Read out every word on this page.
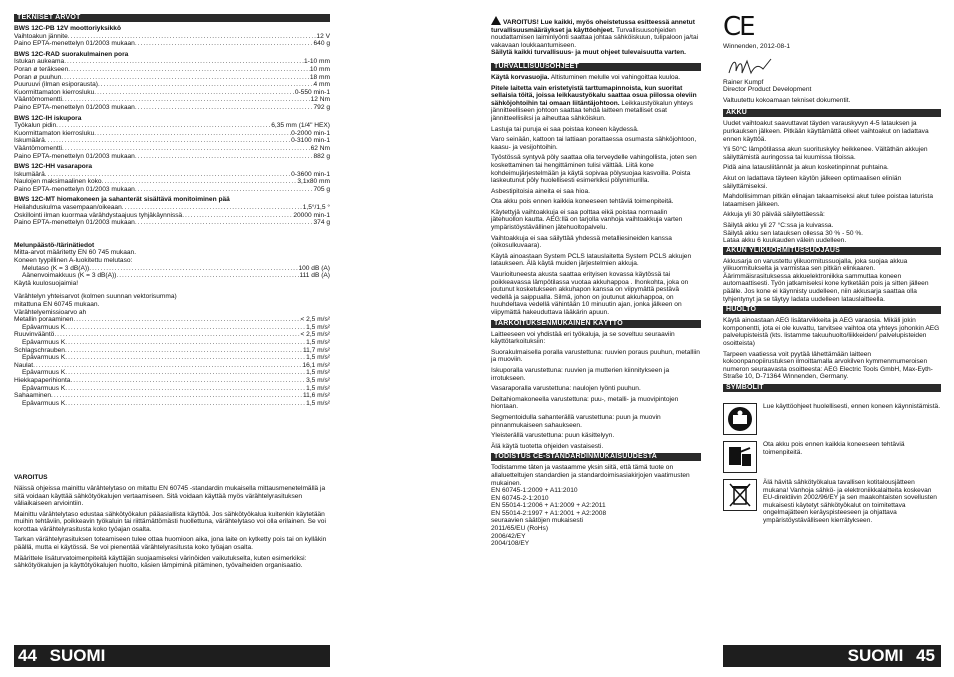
TEKNISET ARVOT
BWS 12C-PB 12V moottoriyksikkö
Vaihtoakun jännite .....	12 V
Paino EPTA-menettelyn 01/2003 mukaan .....	640 g
BWS 12C-RAD suorakulmainen pora
Istukan aukeama .....	1-10 mm
Poran ø teräkseen .....	10 mm
Poran ø puuhun .....	18 mm
Puuruuvi (ilman esiporausta) .....	4 mm
Kuormittamaton kierrosluku .....	0-550 min-1
Vääntömomentti .....	12 Nm
Paino EPTA-menettelyn 01/2003 mukaan .....	792 g
BWS 12C-IH iskupora
Työkalun pidin .....	6,35 mm (1/4" HEX)
Kuormittamaton kierrosluku .....	0-2000 min-1
Iskumäärä .....	0-3100 min-1
Vääntömomentti .....	62 Nm
Paino EPTA-menettelyn 01/2003 mukaan .....	882 g
BWS 12C-HH vasarapora
Iskumäärä .....	0-3600 min-1
Naulojen maksimaalinen koko .....	3,1x80 mm
Paino EPTA-menettelyn 01/2003 mukaan .....	705 g
BWS 12C-MT hiomakoneen ja sahanterät sisältävä monitoiminen pää
Heilahduskulma vasempaan/oikeaan .....	1,5°/1,5 °
Oskillointi ilman kuormaa värähdystaajuus tyhjäkäynnissä .....	20000 min-1
Paino EPTA-menettelyn 01/2003 mukaan .....	374 g
Melunpäästö-/tärinätiedot
Mitta-arvot määritetty EN 60 745 mukaan.
Koneen tyypillinen A-luokitettu melutaso:
Melutaso (K = 3 dB(A)) .....	100 dB (A)
Äänenvoimakkuus (K = 3 dB(A)) .....	111 dB (A)
Käytä kuulosuojaimia!
Värähtelyn yhteisarvot (kolmen suunnan vektorisumma)
mitattuna EN 60745 mukaan.
Värähtelyemissioarvo ah
Metallin poraaminen .....	< 2,5 m/s²
Epävarmuus K .....	1,5 m/s²
Ruuvinvääntö .....	< 2,5 m/s²
Epävarmuus K .....	1,5 m/s²
Schlagschrauben .....	11,7 m/s²
Epävarmuus K .....	1,5 m/s²
Naulat .....	16,1 m/s²
Epävarmuus K .....	1,5 m/s²
Hiekkapaperihionta .....	3,5 m/s²
Epävarmuus K .....	1,5 m/s²
Sahaaminen .....	11,6 m/s²
Epävarmuus K .....	1,5 m/s²
VAROITUS

Näissä ohjeissa mainittu värähtelytaso on mitattu EN 60745 -standardin mukaisella mittausmenetelmällä ja sitä voidaan käyttää sähkötyökalujen vertaamiseen. Sitä voidaan käyttää myös värähtelyrasituksen väliaikaiseen arviointiin.

Mainittu värähtelytaso edustaa sähkötyökalun pääasiallista käyttöä. Jos sähkötyökalua kuitenkin käytetään muihin tehtäviin, poikkeavin työkaluin tai riittämättömästi huollettuna, värähtelytaso voi olla erilainen. Se voi korottaa värähtelyrasitusta koko työajan osalta.

Tarkan värähtelyrasituksen toteamiseen tulee ottaa huomioon aika, jona laite on kytketty pois tai on kylläkin päällä, mutta ei käytössä. Se voi pienentää värähtelyrasitusta koko työajan osalta.

Määrittele lisäturvatoimenpiteitä käyttäjän suojaamiseksi värinöiden vaikutukselta, kuten esimerkiksi: sähkötyökalujen ja käyttötyökalujen huolto, käsien lämpiminä pitäminen, työvaiheiden organisaatio.

44 SUOMI
VAROITUS! Lue kaikki, myös oheistetussa esitteessä annetut turvallisuusmääräykset ja käyttöohjeet. Turvallisuusohjeiden noudattamisen laiminlyönti saattaa johtaa sähköiskuun, tulipaloon ja/tai vakavaan loukkaantumiseen.
Säilytä kaikki turvallisuus- ja muut ohjeet tulevaisuutta varten.
TURVALLISUUSOHJEET

Käytä korvasuojia. Altistuminen melulle voi vahingoittaa kuuloa.

Pitele laitetta vain eristetyistä tarttumapinnoista, kun suoritat sellaisia töitä, joissa leikkaustyökalu saattaa osua piilossa oleviin sähköjohtoihin tai omaan liitäntäjohtoon. Leikkaustyökalun yhteys jännitteelliseen johtoon saattaa tehdä laitteen metalliset osat jännitteellisiksi ja aiheuttaa sähköiskun.

Lastuja tai puruja ei saa poistaa koneen käydessä.

Varo seinään, kattoon tai lattiaan porattaessa osumasta sähköjohtoon, kaasu- ja vesijohtoihin.

Työstössä syntyvä pöly saattaa olla terveydelle vahingollista, joten sen koskettaminen tai hengittäminen tulisi välttää. Liitä kone kohdeimujärjestelmään ja käytä sopivaa pölysuojaa kasvoilla. Poista laskeutunut pöly huolellisesti esimerkiksi pölynimurilla.

Asbestipitoisia aineita ei saa hioa.

Ota akku pois ennen kaikkia koneeseen tehtäviä toimenpiteitä.

Käytettyjä vaihtoakkuja ei saa polttaa eikä poistaa normaalin jätehuollon kautta. AEG:llä on tarjolla vanhoja vaihtoakkuja varten ympäristöystävällinen jätehuoltopalvelu.

Vaihtoakkuja ei saa säilyttää yhdessä metalliesineiden kanssa (oikosulkuvaara).

Käytä ainoastaan System PCLS latauslaitetta System PCLS akkujen lataukseen. Älä käytä muiden järjestelmien akkuja.

Vaurioituneesta akusta saattaa erityisen kovassa käytössä tai poikkeavassa lämpötilassa vuotaa akkuhappoa . Ihonkohta, joka on joutunut kosketukseen akkuhapon kanssa on viipymättä pestävä vedellä ja saippualla. Silmä, johon on joutunut akkuhappoa, on huuhdeltava vedellä vähintään 10 minuutin ajan, jonka jälkeen on viipymättä hakeuduttava lääkärin apuun.

TARKOITUKSENMUKAINEN KÄYTTÖ

Laitteeseen voi yhdistää eri työkaluja, ja se soveltuu seuraaviin käyttötarkoituksiin:

Suorakulmaisella poralla varustettuna: ruuvien poraus puuhun, metalliin ja muoviin.

Iskuporalla varustettuna: ruuvien ja mutterien kiinnitykseen ja irrotukseen.

Vasaraporalla varustettuna: naulojen lyönti puuhun.

Deltahiomakoneella varustettuna: puu-, metalli- ja muovipintojen hiontaan.

Segmentoidulla sahanterällä varustettuna: puun ja muovin pinnanmukaiseen sahaukseen.

Yleisterällä varustettuna: puun käsittelyyn.

Älä käytä tuotetta ohjeiden vastaisesti.

TODISTUS CE-STANDARDINMUKAISUUDESTA
Todistamme täten ja vastaamme yksin siitä, että tämä tuote on allaluetteltujen standardien ja standardoimisasiakirjojen vaatimusten mukainen.
EN 60745-1:2009 + A11:2010
EN 60745-2-1:2010
EN 55014-1:2006 + A1:2009 + A2:2011
EN 55014-2:1997 + A1:2001 + A2:2008
seuraavien säätöjen mukaisesti
2011/65/EU (RoHs)
2006/42/EY
2004/108/EY
CE
Winnenden, 2012-08-1
Rainer Kumpf
Director Product Development
Valtuutettu kokoamaan tekniset dokumentit.
AKKU

Uudet vaihtoakut saavuttavat täyden varauskyvyn 4-5 latauksen ja purkauksen jälkeen. Pitkään käyttämättä olleet vaihtoakut on ladattava ennen käyttöä.

Yli 50°C lämpötilassa akun suorituskyky heikkenee. Vältäthän akkujen säilyttämistä auringossa tai kuumissa tiloissa.

Pidä aina latausliitännät ja akun kosketinpinnat puhtaina.

Akut on ladattava täyteen käytön jälkeen optimaalisen eliniän säilyttämiseksi.

Mahdollisimman pitkän elinajan takaamiseksi akut tulee poistaa laturista lataamisen jälkeen.

Akkuja yli 30 päivää säilytettäessä:

Säilytä akku yli 27 °C:ssa ja kuivassa.
Säilytä akku sen latauksen ollessa 30 % - 50 %.
Lataa akku 6 kuukauden välein uudelleen.
AKUN YLIKUORMITUSSUOJAUS

Akkusarja on varustettu ylikuormitussuojalla, joka suojaa akkua ylikuormitukselta ja varmistaa sen pitkän elinkaaren. Äärimmäisrasituksessa akkuelektroniikka sammuttaa koneen automaattisesti. Työn jatkamiseksi kone kytketään pois ja sitten jälleen päälle. Jos kone ei käynnisty uudelleen, niin akkusarja saattaa olla tyhjentynyt ja se täytyy ladata uudelleen latauslaitteella.

HUOLTO

Käytä ainoastaan AEG lisätarvikkeita ja AEG varaosia. Mikäli jokin komponentti, jota ei ole kuvattu, tarvitsee vaihtoa ota yhteys johonkin AEG palvelupisteistä (kts. listamme takuuhuolto/liikkeiden/ palvelupisteiden osoitteista)

Tarpeen vaatiessa voit pyytää lähettämään laitteen kokoonpanopiirustuksen ilmoittamalla arvokilven kymmenmumeroisen numeron seuraavasta osoitteesta: AEG Electric Tools GmbH, Max-Eyth-Straße 10, D-71364 Winnenden, Germany.

SYMBOLIT
Lue käyttöohjeet huolellisesti, ennen koneen käynnistämistä.
Ota akku pois ennen kaikkia koneeseen tehtäviä toimenpiteitä.
Älä hävitä sähkötyökalua tavallisen kotitalousjätteen mukana! Vanhoja sähkö- ja elektroniikkalaitteita koskevan EU-direktiivin 2002/96/EY ja sen maakohtaisten sovellusten mukaisesti käytetyt sähkötyökalut on toimitettava ongelmajätteen keräyspisteeseen ja ohjattava ympäristöystävälliseen kierrätykseen.
SUOMI 45
